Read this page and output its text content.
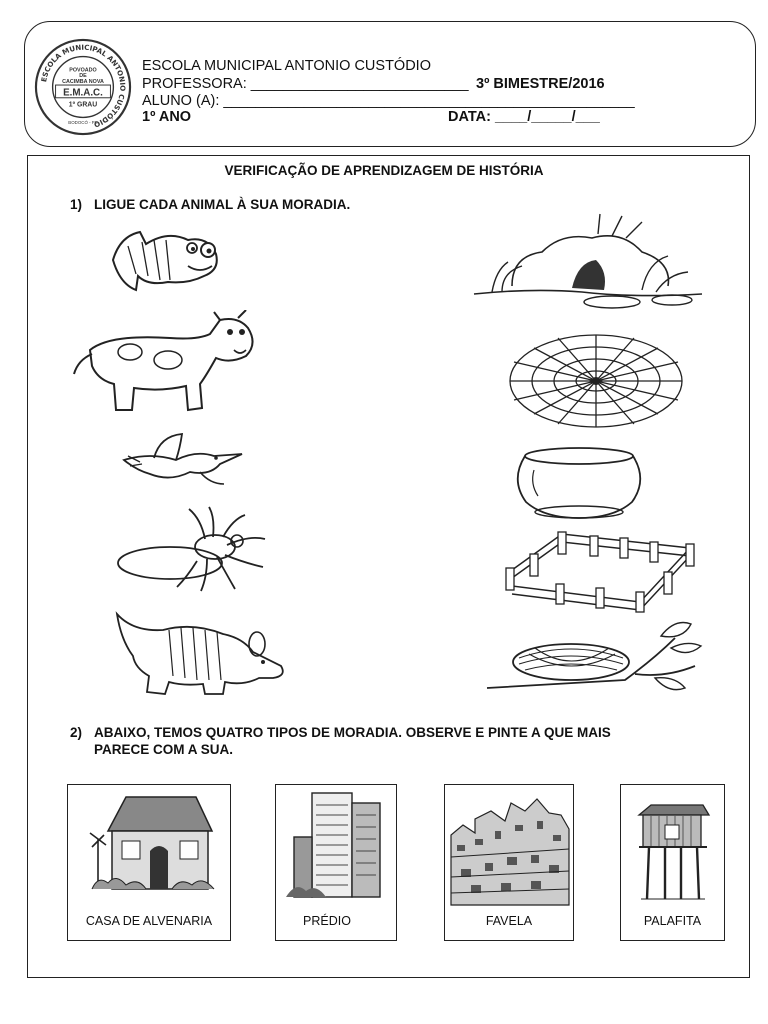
ESCOLA MUNICIPAL ANTONIO CUSTÓDIO
POVOADO
DE
CACIMBA NOVA
E.M.A.C.
1º GRAU
BODOCÓ - PE
ESCOLA MUNICIPAL ANTONIO CUSTÓDIO
PROFESSORA: ___________________________ 3º BIMESTRE/2016
ALUNO (A): ___________________________________________________
1º ANO	DATA: ____/_____/___
VERIFICAÇÃO DE APRENDIZAGEM DE HISTÓRIA
1) LIGUE CADA ANIMAL À SUA MORADIA.
2) ABAIXO, TEMOS QUATRO TIPOS DE MORADIA. OBSERVE E PINTE A QUE MAIS
PARECE COM A SUA.
CASA DE ALVENARIA	PRÉDIO	FAVELA	PALAFITA
